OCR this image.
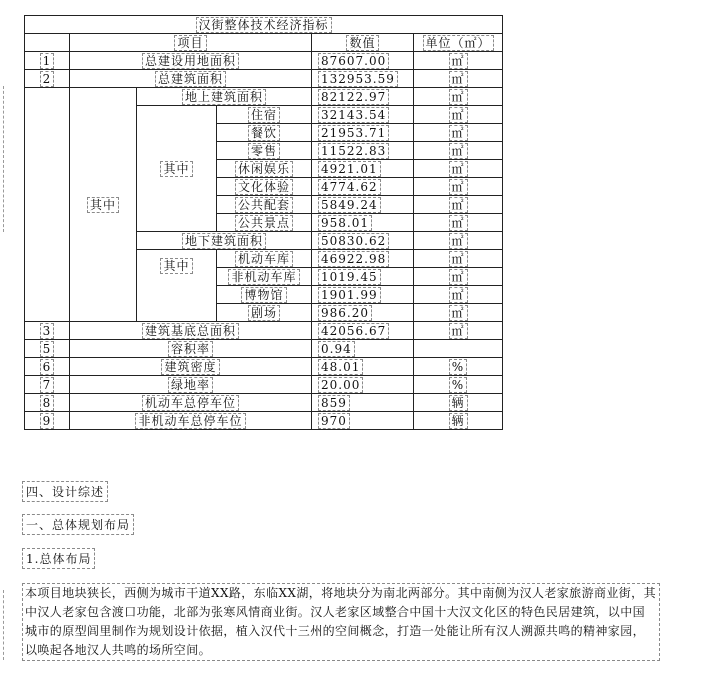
汉街整体技术经济指标					
	项目			数值	单位（㎡）
1	总建设用地面积			87607.00	㎡
2	总建筑面积			132953.59	㎡
	其中	地上建筑面积		82122.97	㎡
		其中	住宿	32143.54	㎡
			餐饮	21953.71	㎡
			零售	11522.83	㎡
			休闲娱乐	4921.01	㎡
			文化体验	4774.62	㎡
			公共配套	5849.24	㎡
			公共景点	958.01	㎡
		地下建筑面积		50830.62	㎡
		其中	机动车库	46922.98	㎡
			非机动车库	1019.45	㎡
			博物馆	1901.99	㎡
			剧场	986.20	㎡
3	建筑基底总面积			42056.67	㎡
5	容积率			0.94	
6	建筑密度			48.01	%
7	绿地率			20.00	%
8	机动车总停车位			859	辆
9	非机动车总停车位			970	辆
四、设计综述
一、总体规划布局
1.总体布局
本项目地块狭长，西侧为城市干道XX路，东临XX湖，将地块分为南北两部分。其中南侧为汉人老家旅游商业街，其中汉人老家包含渡口功能，北部为张寒风情商业街。汉人老家区域整合中国十大汉文化区的特色民居建筑，以中国城市的原型闾里制作为规划设计依据，植入汉代十三州的空间概念，打造一处能让所有汉人溯源共鸣的精神家园，以唤起各地汉人共鸣的场所空间。
